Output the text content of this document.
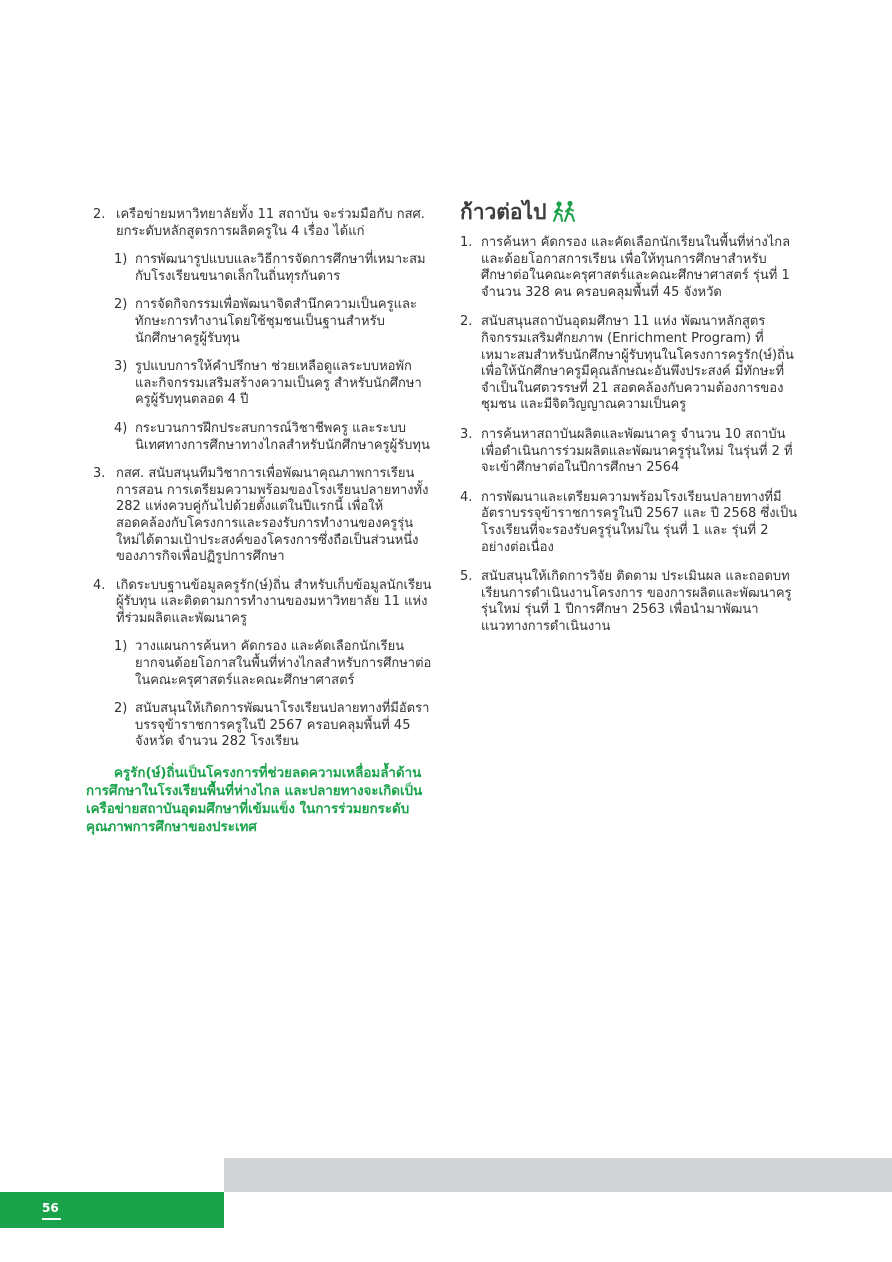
2. เครือข่ายมหาวิทยาลัยทั้ง 11 สถาบัน จะร่วมมือกับ กสศ. ยกระดับหลักสูตรการผลิตครูใน 4 เรื่อง ได้แก่
1) การพัฒนารูปแบบและวิธีการจัดการศึกษาที่เหมาะสมกับโรงเรียนขนาดเล็กในถิ่นทุรกันดาร
2) การจัดกิจกรรมเพื่อพัฒนาจิตสำนึกความเป็นครูและทักษะการทำงานโดยใช้ชุมชนเป็นฐานสำหรับนักศึกษาครูผู้รับทุน
3) รูปแบบการให้คำปรึกษา ช่วยเหลือดูแลระบบหอพักและกิจกรรมเสริมสร้างความเป็นครู สำหรับนักศึกษาครูผู้รับทุนตลอด 4 ปี
4) กระบวนการฝึกประสบการณ์วิชาชีพครู และระบบนิเทศทางการศึกษาทางไกลสำหรับนักศึกษาครูผู้รับทุน
3. กสศ. สนับสนุนทีมวิชาการเพื่อพัฒนาคุณภาพการเรียนการสอน การเตรียมความพร้อมของโรงเรียนปลายทางทั้ง 282 แห่งควบคู่กันไปด้วยตั้งแต่ในปีแรกนี้ เพื่อให้สอดคล้องกับโครงการและรองรับการทำงานของครูรุ่นใหม่ได้ตามเป้าประสงค์ของโครงการซึ่งถือเป็นส่วนหนึ่งของภารกิจเพื่อปฏิรูปการศึกษา
4. เกิดระบบฐานข้อมูลครูรัก(ษ์)ถิ่น สำหรับเก็บข้อมูลนักเรียนผู้รับทุน และติดตามการทำงานของมหาวิทยาลัย 11 แห่งที่ร่วมผลิตและพัฒนาครู
1) วางแผนการค้นหา คัดกรอง และคัดเลือกนักเรียนยากจนด้อยโอกาสในพื้นที่ห่างไกลสำหรับการศึกษาต่อในคณะครุศาสตร์และคณะศึกษาศาสตร์
2) สนับสนุนให้เกิดการพัฒนาโรงเรียนปลายทางที่มีอัตราบรรจุข้าราชการครูในปี 2567 ครอบคลุมพื้นที่ 45 จังหวัด จำนวน 282 โรงเรียน
ครูรัก(ษ์)ถิ่นเป็นโครงการที่ช่วยลดความเหลื่อมล้ำด้านการศึกษาในโรงเรียนพื้นที่ห่างไกล และปลายทางจะเกิดเป็นเครือข่ายสถาบันอุดมศึกษาที่เข้มแข็ง ในการร่วมยกระดับคุณภาพการศึกษาของประเทศ
ก้าวต่อไป
1. การค้นหา คัดกรอง และคัดเลือกนักเรียนในพื้นที่ห่างไกลและด้อยโอกาสการเรียน เพื่อให้ทุนการศึกษาสำหรับศึกษาต่อในคณะครุศาสตร์และคณะศึกษาศาสตร์ รุ่นที่ 1 จำนวน 328 คน ครอบคลุมพื้นที่ 45 จังหวัด
2. สนับสนุนสถาบันอุดมศึกษา 11 แห่ง พัฒนาหลักสูตรกิจกรรมเสริมศักยภาพ (Enrichment Program) ที่เหมาะสมสำหรับนักศึกษาผู้รับทุนในโครงการครูรัก(ษ์)ถิ่น เพื่อให้นักศึกษาครูมีคุณลักษณะอันพึงประสงค์ มีทักษะที่จำเป็นในศตวรรษที่ 21 สอดคล้องกับความต้องการของชุมชน และมีจิตวิญญาณความเป็นครู
3. การค้นหาสถาบันผลิตและพัฒนาครู จำนวน 10 สถาบัน เพื่อดำเนินการร่วมผลิตและพัฒนาครูรุ่นใหม่ ในรุ่นที่ 2 ที่จะเข้าศึกษาต่อในปีการศึกษา 2564
4. การพัฒนาและเตรียมความพร้อมโรงเรียนปลายทางที่มีอัตราบรรจุข้าราชการครูในปี 2567 และ ปี 2568 ซึ่งเป็นโรงเรียนที่จะรองรับครูรุ่นใหม่ใน รุ่นที่ 1 และ รุ่นที่ 2 อย่างต่อเนื่อง
5. สนับสนุนให้เกิดการวิจัย ติดตาม ประเมินผล และถอดบทเรียนการดำเนินงานโครงการ ของการผลิตและพัฒนาครูรุ่นใหม่ รุ่นที่ 1 ปีการศึกษา 2563 เพื่อนำมาพัฒนาแนวทางการดำเนินงาน
56
